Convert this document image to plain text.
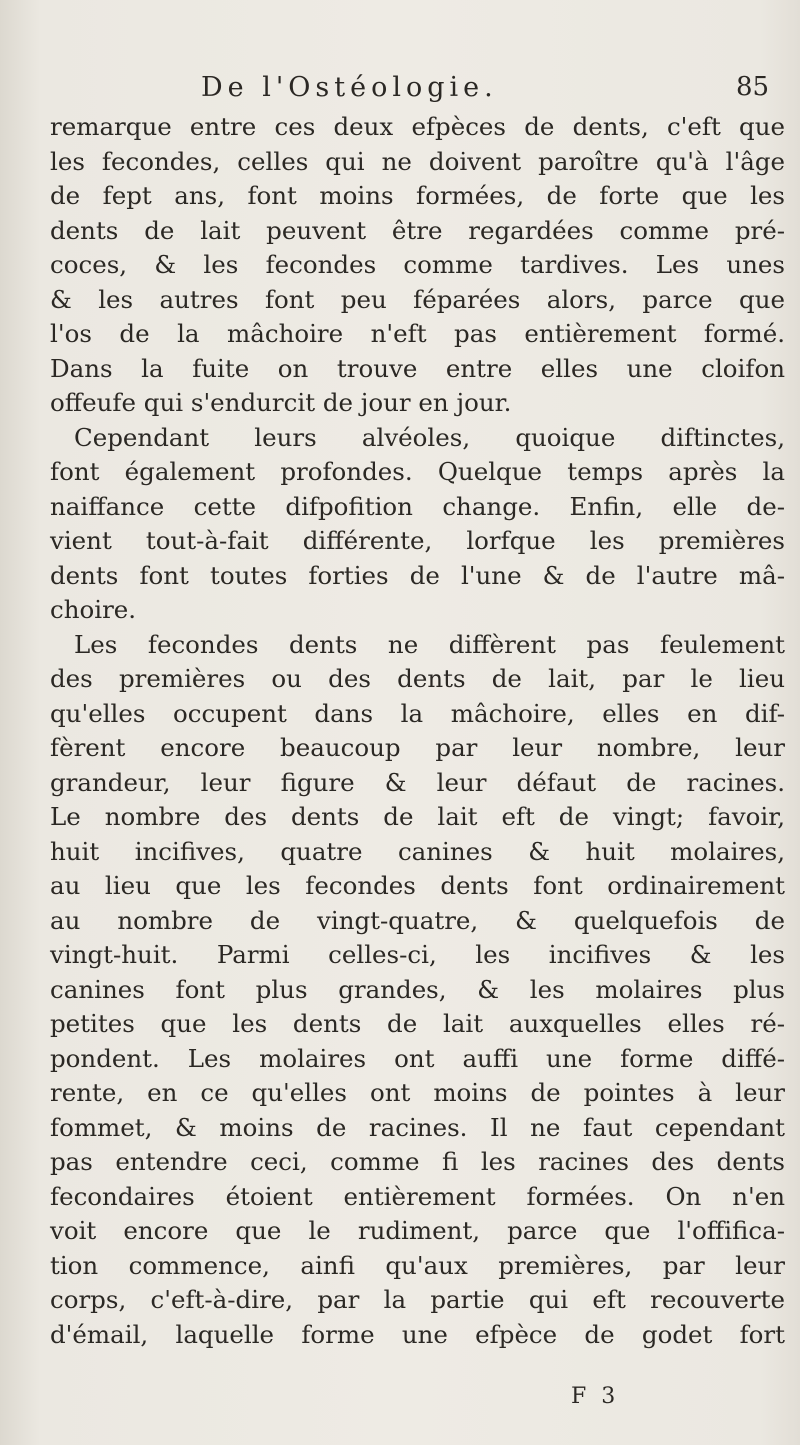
De l'Ostéologie.	85
remarque entre ces deux efpèces de dents, c'eft que
les fecondes, celles qui ne doivent paroître qu'à l'âge
de fept ans, font moins formées, de forte que les
dents de lait peuvent être regardées comme pré-
coces, & les fecondes comme tardives. Les unes
& les autres font peu féparées alors, parce que
l'os de la mâchoire n'eft pas entièrement formé.
Dans la fuite on trouve entre elles une cloifon
offeufe qui s'endurcit de jour en jour.
Cependant leurs alvéoles, quoique diftinctes,
font également profondes. Quelque temps après la
naiffance cette difpofition change. Enfin, elle de-
vient tout-à-fait différente, lorfque les premières
dents font toutes forties de l'une & de l'autre mâ-
choire.
Les fecondes dents ne diffèrent pas feulement
des premières ou des dents de lait, par le lieu
qu'elles occupent dans la mâchoire, elles en dif-
fèrent encore beaucoup par leur nombre, leur
grandeur, leur figure & leur défaut de racines.
Le nombre des dents de lait eft de vingt; favoir,
huit incifives, quatre canines & huit molaires,
au lieu que les fecondes dents font ordinairement
au nombre de vingt-quatre, & quelquefois de
vingt-huit. Parmi celles-ci, les incifives & les
canines font plus grandes, & les molaires plus
petites que les dents de lait auxquelles elles ré-
pondent. Les molaires ont auffi une forme diffé-
rente, en ce qu'elles ont moins de pointes à leur
fommet, & moins de racines. Il ne faut cependant
pas entendre ceci, comme fi les racines des dents
fecondaires étoient entièrement formées. On n'en
voit encore que le rudiment, parce que l'offifica-
tion commence, ainfi qu'aux premières, par leur
corps, c'eft-à-dire, par la partie qui eft recouverte
d'émail, laquelle forme une efpèce de godet fort
F 3
